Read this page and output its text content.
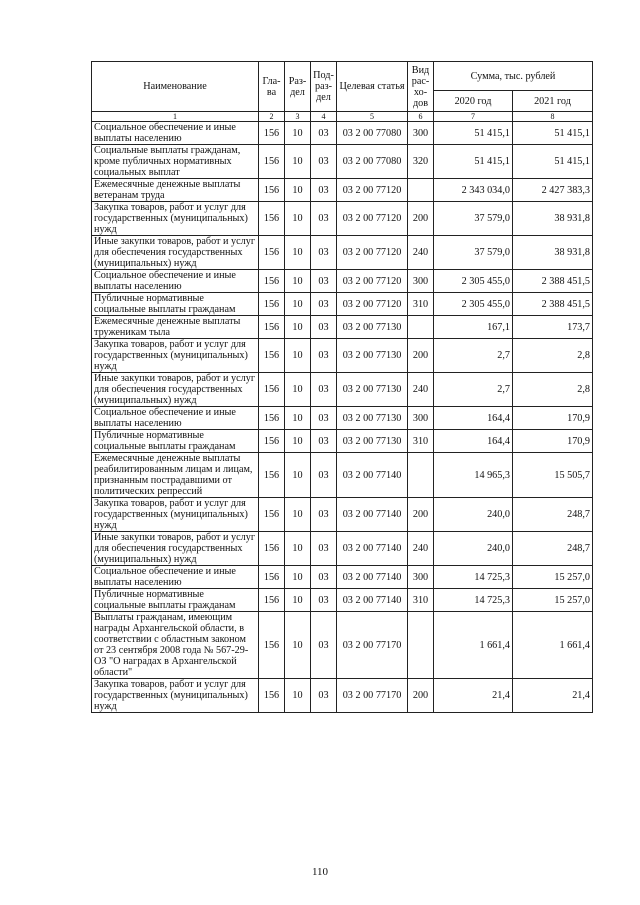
Наименование	Гла-ва	Раз-дел	Под-раз-дел	Целевая статья	Вид рас-хо-дов	Сумма, тыс. рублей	
						2020 год	2021 год
1	2	3	4	5	6	7	8
Социальное обеспечение и иные выплаты населению	156	10	03	03 2 00 77080	300	51 415,1	51 415,1
Социальные выплаты гражданам, кроме публичных нормативных социальных выплат	156	10	03	03 2 00 77080	320	51 415,1	51 415,1
Ежемесячные денежные выплаты ветеранам труда	156	10	03	03 2 00 77120		2 343 034,0	2 427 383,3
Закупка товаров, работ и услуг для государственных (муниципальных) нужд	156	10	03	03 2 00 77120	200	37 579,0	38 931,8
Иные закупки товаров, работ и услуг для обеспечения государственных (муниципальных) нужд	156	10	03	03 2 00 77120	240	37 579,0	38 931,8
Социальное обеспечение и иные выплаты населению	156	10	03	03 2 00 77120	300	2 305 455,0	2 388 451,5
Публичные нормативные социальные выплаты гражданам	156	10	03	03 2 00 77120	310	2 305 455,0	2 388 451,5
Ежемесячные денежные выплаты труженикам тыла	156	10	03	03 2 00 77130		167,1	173,7
Закупка товаров, работ и услуг для государственных (муниципальных) нужд	156	10	03	03 2 00 77130	200	2,7	2,8
Иные закупки товаров, работ и услуг для обеспечения государственных (муниципальных) нужд	156	10	03	03 2 00 77130	240	2,7	2,8
Социальное обеспечение и иные выплаты населению	156	10	03	03 2 00 77130	300	164,4	170,9
Публичные нормативные социальные выплаты гражданам	156	10	03	03 2 00 77130	310	164,4	170,9
Ежемесячные денежные выплаты реабилитированным лицам и лицам, признанным пострадавшими от политических репрессий	156	10	03	03 2 00 77140		14 965,3	15 505,7
Закупка товаров, работ и услуг для государственных (муниципальных) нужд	156	10	03	03 2 00 77140	200	240,0	248,7
Иные закупки товаров, работ и услуг для обеспечения государственных (муниципальных) нужд	156	10	03	03 2 00 77140	240	240,0	248,7
Социальное обеспечение и иные выплаты населению	156	10	03	03 2 00 77140	300	14 725,3	15 257,0
Публичные нормативные социальные выплаты гражданам	156	10	03	03 2 00 77140	310	14 725,3	15 257,0
Выплаты гражданам, имеющим награды Архангельской области, в соответствии с областным законом от 23 сентября 2008 года № 567-29-ОЗ "О наградах в Архангельской области"	156	10	03	03 2 00 77170		1 661,4	1 661,4
Закупка товаров, работ и услуг для государственных (муниципальных) нужд	156	10	03	03 2 00 77170	200	21,4	21,4
110
